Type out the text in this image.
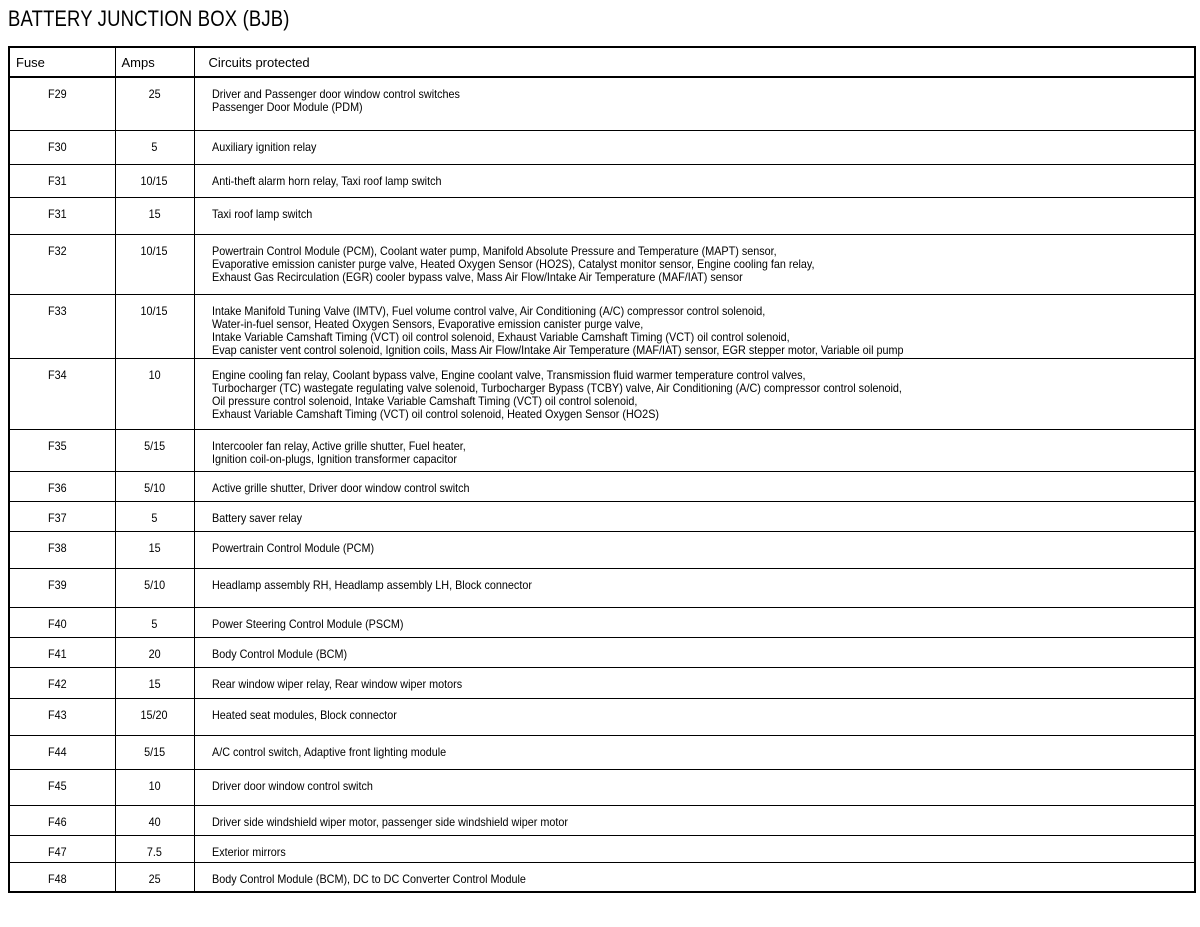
BATTERY JUNCTION BOX (BJB)
Fuse	Amps	Circuits protected
F29	25	Driver and Passenger door window control switches
Passenger Door Module (PDM)

F30	5	Auxiliary ignition relay

F31	10/15	Anti-theft alarm horn relay, Taxi roof lamp switch

F31	15	Taxi roof lamp switch

F32	10/15	Powertrain Control Module (PCM), Coolant water pump, Manifold Absolute Pressure and Temperature (MAPT) sensor,
Evaporative emission canister purge valve, Heated Oxygen Sensor (HO2S), Catalyst monitor sensor, Engine cooling fan relay,
Exhaust Gas Recirculation (EGR) cooler bypass valve, Mass Air Flow/Intake Air Temperature (MAF/IAT) sensor

F33	10/15	Intake Manifold Tuning Valve (IMTV), Fuel volume control valve, Air Conditioning (A/C) compressor control solenoid,
Water-in-fuel sensor, Heated Oxygen Sensors, Evaporative emission canister purge valve,
Intake Variable Camshaft Timing (VCT) oil control solenoid, Exhaust Variable Camshaft Timing (VCT) oil control solenoid,
Evap canister vent control solenoid, Ignition coils, Mass Air Flow/Intake Air Temperature (MAF/IAT) sensor, EGR stepper motor, Variable oil pump

F34	10	Engine cooling fan relay, Coolant bypass valve, Engine coolant valve, Transmission fluid warmer temperature control valves,
Turbocharger (TC) wastegate regulating valve solenoid, Turbocharger Bypass (TCBY) valve, Air Conditioning (A/C) compressor control solenoid,
Oil pressure control solenoid, Intake Variable Camshaft Timing (VCT) oil control solenoid,
Exhaust Variable Camshaft Timing (VCT) oil control solenoid, Heated Oxygen Sensor (HO2S)

F35	5/15	Intercooler fan relay, Active grille shutter, Fuel heater,
Ignition coil-on-plugs, Ignition transformer capacitor

F36	5/10	Active grille shutter, Driver door window control switch

F37	5	Battery saver relay

F38	15	Powertrain Control Module (PCM)

F39	5/10	Headlamp assembly RH, Headlamp assembly LH, Block connector

F40	5	Power Steering Control Module (PSCM)

F41	20	Body Control Module (BCM)

F42	15	Rear window wiper relay, Rear window wiper motors

F43	15/20	Heated seat modules, Block connector

F44	5/15	A/C control switch, Adaptive front lighting module

F45	10	Driver door window control switch

F46	40	Driver side windshield wiper motor, passenger side windshield wiper motor

F47	7.5	Exterior mirrors

F48	25	Body Control Module (BCM), DC to DC Converter Control Module
